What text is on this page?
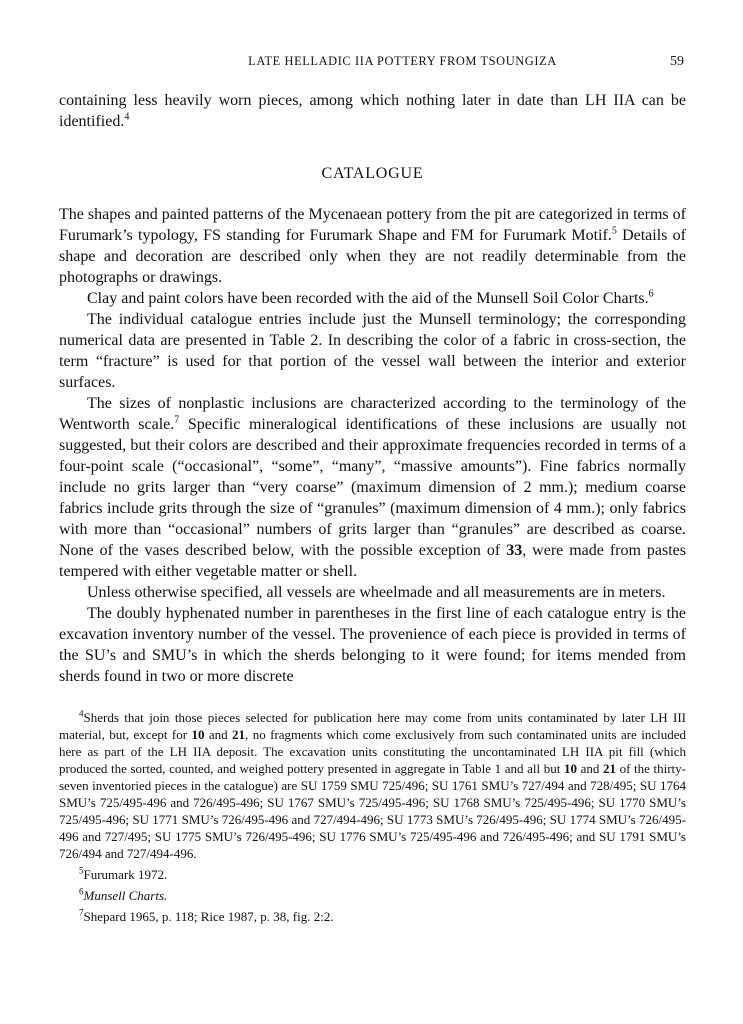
LATE HELLADIC IIA POTTERY FROM TSOUNGIZA	59

containing less heavily worn pieces, among which nothing later in date than LH IIA can be identified.$^4$

CATALOGUE

The shapes and painted patterns of the Mycenaean pottery from the pit are categorized in terms of Furumark’s typology, FS standing for Furumark Shape and FM for Furumark Motif.$^5$ Details of shape and decoration are described only when they are not readily determinable from the photographs or drawings.

Clay and paint colors have been recorded with the aid of the Munsell Soil Color Charts.$^6$

The individual catalogue entries include just the Munsell terminology; the corresponding numerical data are presented in Table 2. In describing the color of a fabric in cross-section, the term “fracture” is used for that portion of the vessel wall between the interior and exterior surfaces.

The sizes of nonplastic inclusions are characterized according to the terminology of the Wentworth scale.$^7$ Specific mineralogical identifications of these inclusions are usually not suggested, but their colors are described and their approximate frequencies recorded in terms of a four-point scale (“occasional”, “some”, “many”, “massive amounts”). Fine fabrics normally include no grits larger than “very coarse” (maximum dimension of 2 mm.); medium coarse fabrics include grits through the size of “granules” (maximum dimension of 4 mm.); only fabrics with more than “occasional” numbers of grits larger than “granules” are described as coarse. None of the vases described below, with the possible exception of 33, were made from pastes tempered with either vegetable matter or shell.

Unless otherwise specified, all vessels are wheelmade and all measurements are in meters.

The doubly hyphenated number in parentheses in the first line of each catalogue entry is the excavation inventory number of the vessel. The provenience of each piece is provided in terms of the SU’s and SMU’s in which the sherds belonging to it were found; for items mended from sherds found in two or more discrete

$^4$Sherds that join those pieces selected for publication here may come from units contaminated by later LH III material, but, except for 10 and 21, no fragments which come exclusively from such contaminated units are included here as part of the LH IIA deposit. The excavation units constituting the uncontaminated LH IIA pit fill (which produced the sorted, counted, and weighed pottery presented in aggregate in Table 1 and all but 10 and 21 of the thirty-seven inventoried pieces in the catalogue) are SU 1759 SMU 725/496; SU 1761 SMU’s 727/494 and 728/495; SU 1764 SMU’s 725/495-496 and 726/495-496; SU 1767 SMU’s 725/495-496; SU 1768 SMU’s 725/495-496; SU 1770 SMU’s 725/495-496; SU 1771 SMU’s 726/495-496 and 727/494-496; SU 1773 SMU’s 726/495-496; SU 1774 SMU’s 726/495-496 and 727/495; SU 1775 SMU’s 726/495-496; SU 1776 SMU’s 725/495-496 and 726/495-496; and SU 1791 SMU’s 726/494 and 727/494-496.

$^5$Furumark 1972.

$^6$Munsell Charts.

$^7$Shepard 1965, p. 118; Rice 1987, p. 38, fig. 2:2.
